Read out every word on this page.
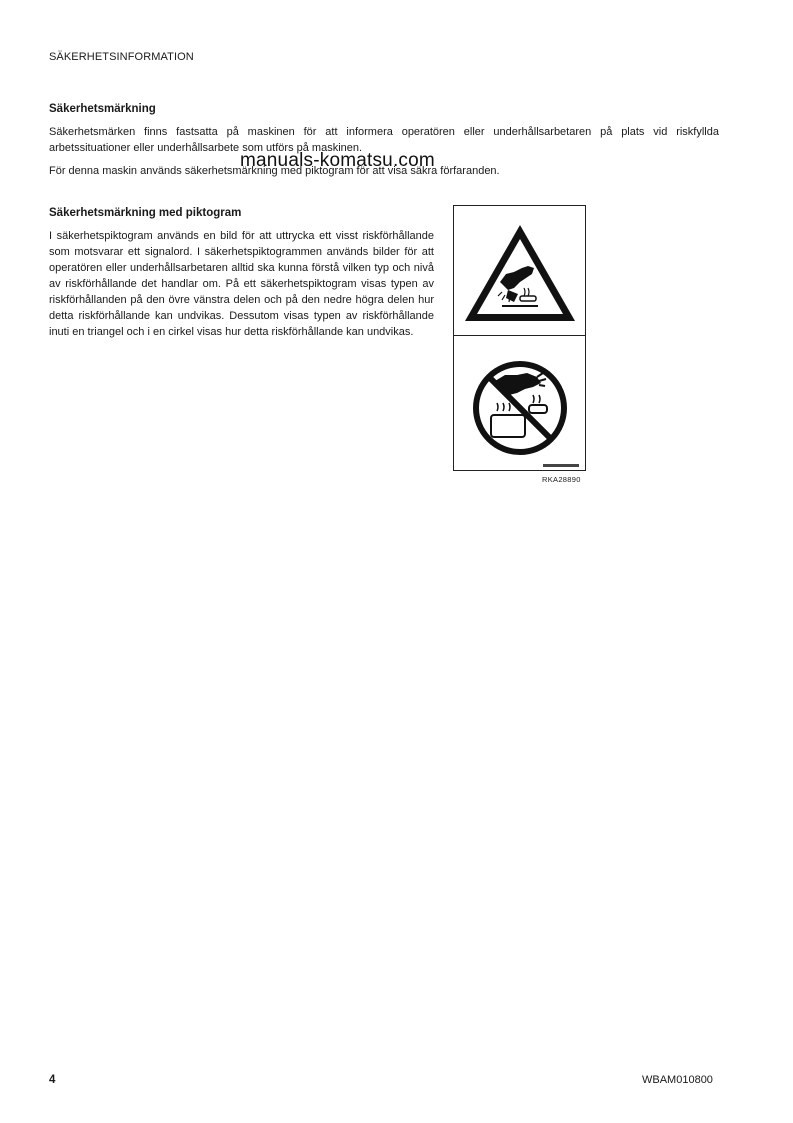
SÄKERHETSINFORMATION
Säkerhetsmärkning
Säkerhetsmärken finns fastsatta på maskinen för att informera operatören eller underhållsarbetaren på plats vid riskfyllda arbetssituationer eller underhållsarbete som utförs på maskinen.
För denna maskin används säkerhetsmärkning med piktogram för att visa säkra förfaranden.
manuals-komatsu.com
Säkerhetsmärkning med piktogram
I säkerhetspiktogram används en bild för att uttrycka ett visst riskförhållande som motsvarar ett signalord. I säkerhetspiktogrammen används bilder för att operatören eller underhållsarbetaren alltid ska kunna förstå vilken typ och nivå av riskförhållande det handlar om. På ett säkerhetspiktogram visas typen av riskförhållanden på den övre vänstra delen och på den nedre högra delen hur detta riskförhållande kan undvikas. Dessutom visas typen av riskförhållande inuti en triangel och i en cirkel visas hur detta riskförhållande kan undvikas.
RKA28890
4	WBAM010800
